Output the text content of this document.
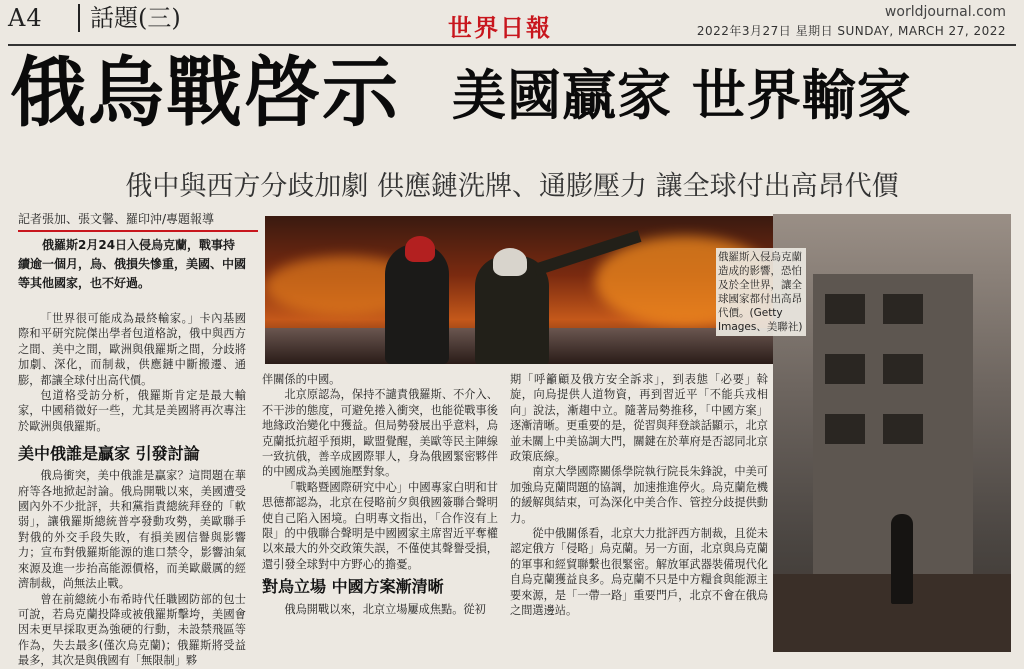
A4	話題(三)	世界日報
worldjournal.com
2022年3月27日 星期日 SUNDAY, MARCH 27, 2022
俄烏戰啓示 美國贏家 世界輸家
俄中與西方分歧加劇 供應鏈洗牌、通膨壓力 讓全球付出高昂代價
記者張加、張文馨、羅印沖/專題報導
俄羅斯2月24日入侵烏克蘭，戰事持續逾一個月，烏、俄損失慘重，美國、中國等其他國家，也不好過。

「世界很可能成為最終輸家。」卡內基國際和平研究院傑出學者包道格說，俄中與西方之間、美中之間，歐洲與俄羅斯之間，分歧將加劇、深化，而制裁，供應鏈中斷搬遷、通膨，都讓全球付出高代價。

包道格受訪分析，俄羅斯肯定是最大輸家，中國稍微好一些，尤其是美國將再次專注於歐洲與俄羅斯。

美中俄誰是贏家 引發討論

俄烏衝突，美中俄誰是贏家？這問題在華府等各地掀起討論。俄烏開戰以來，美國遭受國內外不少批評，共和黨指責總統拜登的「軟弱」，讓俄羅斯總統普亭發動攻勢，美歐聯手對俄的外交手段失敗，有損美國信譽與影響力；宣布對俄羅斯能源的進口禁令，影響油氣來源及進一步抬高能源價格，而美歐嚴厲的經濟制裁，尚無法止戰。

曾在前總統小布希時代任職國防部的包士可說，若烏克蘭投降或被俄羅斯擊垮，美國會因未更早採取更為強硬的行動，未設禁飛區等作為，失去最多(僅次烏克蘭)；俄羅斯將受益最多，其次是與俄國有「無限制」夥

俄羅斯入侵烏克蘭造成的影響，恐怕及於全世界，讓全球國家都付出高昂代價。(Getty Images、美聯社)

伴關係的中國。

北京原認為，保持不譴責俄羅斯、不介入、不干涉的態度，可避免捲入衝突，也能從戰事後地緣政治變化中獲益。但局勢發展出乎意料，烏克蘭抵抗超乎預期，歐盟覺醒，美歐等民主陣線一致抗俄，善辛成國際罪人，身為俄國緊密夥伴的中國成為美國施壓對象。

「戰略暨國際研究中心」中國專家白明和甘思德都認為，北京在侵略前夕與俄國簽聯合聲明使自己陷入困境。白明專文指出，「合作沒有上限」的中俄聯合聲明是中國國家主席習近平奪權以來最大的外交政策失誤，不僅使其聲譽受損，還引發全球對中方野心的擔憂。

對烏立場 中國方案漸清晰

俄烏開戰以來，北京立場屢成焦點。從初

期「呼籲顧及俄方安全訴求」，到表態「必要」斡旋，向烏提供人道物資，再到習近平「不能兵戎相向」說法，漸趨中立。隨著局勢推移，「中國方案」逐漸清晰。更重要的是，從習與拜登談話顯示，北京並未關上中美協調大門，關鍵在於華府是否認同北京政策底線。

南京大學國際關係學院執行院長朱鋒說，中美可加強烏克蘭問題的協調，加速推進停火。烏克蘭危機的緩解與結束，可為深化中美合作、管控分歧提供動力。

從中俄關係看，北京大力批評西方制裁，且從未認定俄方「侵略」烏克蘭。另一方面，北京與烏克蘭的軍事和經貿聯繫也很緊密。解放軍武器裝備現代化自烏克蘭獲益良多。烏克蘭不只是中方糧食與能源主要來源，是「一帶一路」重要門戶，北京不會在俄烏之間選邊站。
